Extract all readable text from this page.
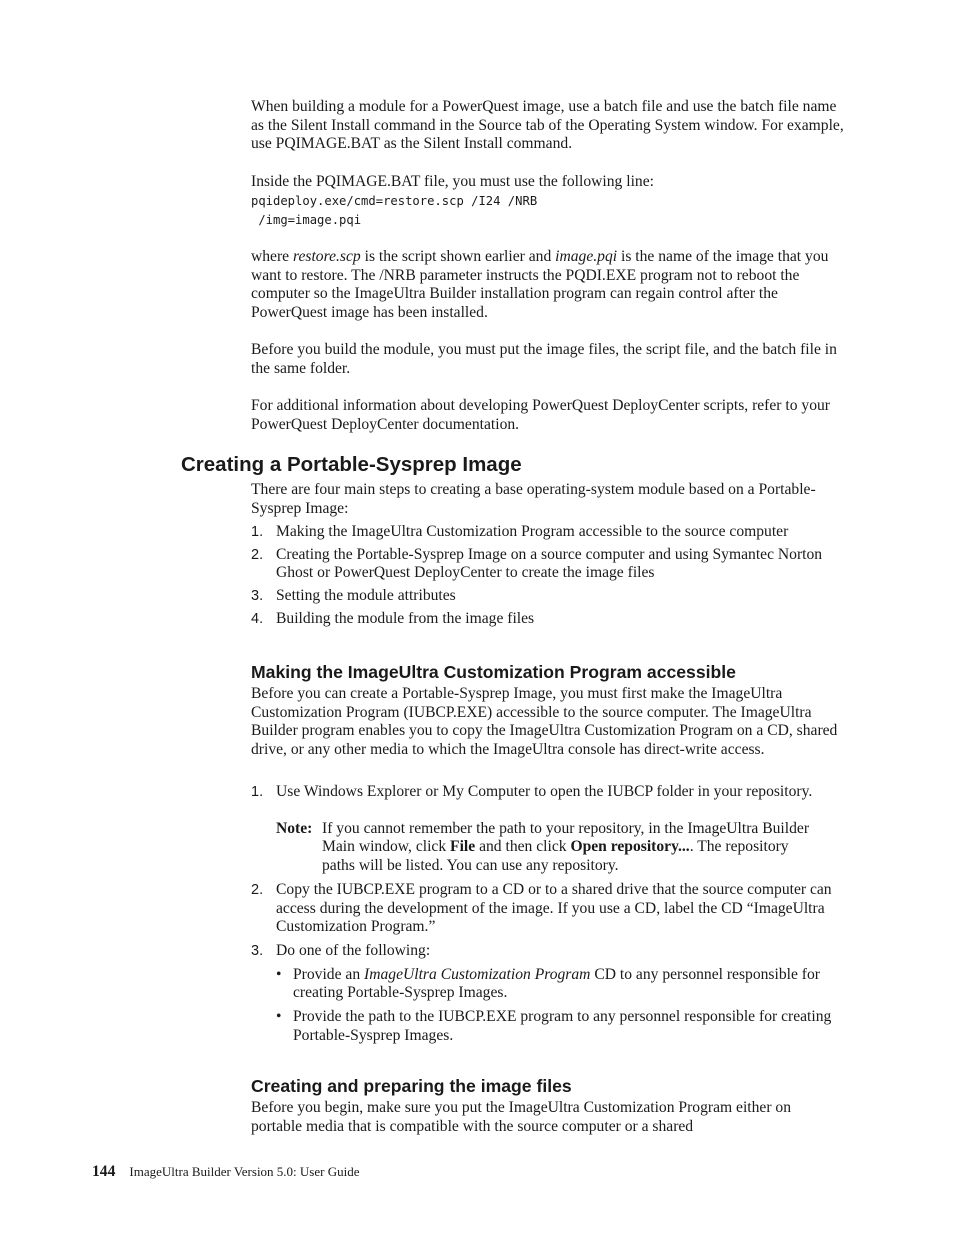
When building a module for a PowerQuest image, use a batch file and use the batch file name as the Silent Install command in the Source tab of the Operating System window. For example, use PQIMAGE.BAT as the Silent Install command.

Inside the PQIMAGE.BAT file, you must use the following line:

pqideploy.exe/cmd=restore.scp /I24 /NRB
/img=image.pqi

where restore.scp is the script shown earlier and image.pqi is the name of the image that you want to restore. The /NRB parameter instructs the PQDI.EXE program not to reboot the computer so the ImageUltra Builder installation program can regain control after the PowerQuest image has been installed.

Before you build the module, you must put the image files, the script file, and the batch file in the same folder.

For additional information about developing PowerQuest DeployCenter scripts, refer to your PowerQuest DeployCenter documentation.

Creating a Portable-Sysprep Image

There are four main steps to creating a base operating-system module based on a Portable-Sysprep Image:

1. Making the ImageUltra Customization Program accessible to the source computer
2. Creating the Portable-Sysprep Image on a source computer and using Symantec Norton Ghost or PowerQuest DeployCenter to create the image files
3. Setting the module attributes
4. Building the module from the image files
Making the ImageUltra Customization Program accessible

Before you can create a Portable-Sysprep Image, you must first make the ImageUltra Customization Program (IUBCP.EXE) accessible to the source computer. The ImageUltra Builder program enables you to copy the ImageUltra Customization Program on a CD, shared drive, or any other media to which the ImageUltra console has direct-write access.

1. Use Windows Explorer or My Computer to open the IUBCP folder in your repository.
Note: If you cannot remember the path to your repository, in the ImageUltra Builder Main window, click File and then click Open repository.... The repository paths will be listed. You can use any repository.
2. Copy the IUBCP.EXE program to a CD or to a shared drive that the source computer can access during the development of the image. If you use a CD, label the CD “ImageUltra Customization Program.”
3. Do one of the following:
• Provide an ImageUltra Customization Program CD to any personnel responsible for creating Portable-Sysprep Images.
• Provide the path to the IUBCP.EXE program to any personnel responsible for creating Portable-Sysprep Images.
Creating and preparing the image files

Before you begin, make sure you put the ImageUltra Customization Program either on portable media that is compatible with the source computer or a shared

144 ImageUltra Builder Version 5.0: User Guide
